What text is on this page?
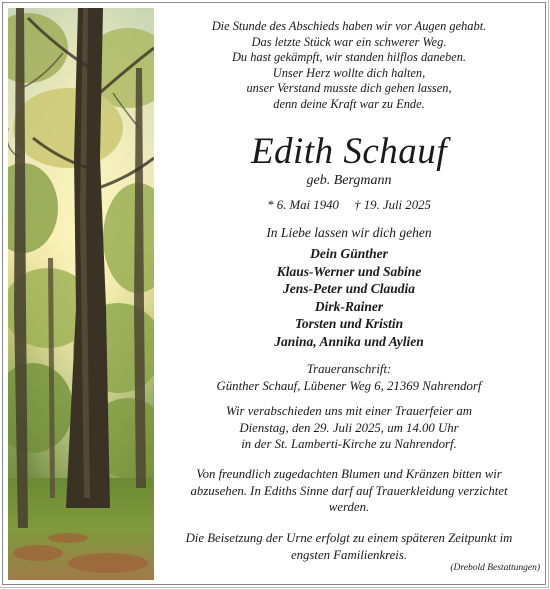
Die Stunde des Abschieds haben wir vor Augen gehabt.
Das letzte Stück war ein schwerer Weg.
Du hast gekämpft, wir standen hilflos daneben.
Unser Herz wollte dich halten,
unser Verstand musste dich gehen lassen,
denn deine Kraft war zu Ende.
Edith Schauf
geb. Bergmann
* 6. Mai 1940 † 19. Juli 2025
In Liebe lassen wir dich gehen
Dein Günther
Klaus-Werner und Sabine
Jens-Peter und Claudia
Dirk-Rainer
Torsten und Kristin
Janina, Annika und Aylien
Traueranschrift:
Günther Schauf, Lübener Weg 6, 21369 Nahrendorf
Wir verabschieden uns mit einer Trauerfeier am
Dienstag, den 29. Juli 2025, um 14.00 Uhr
in der St. Lamberti-Kirche zu Nahrendorf.
Von freundlich zugedachten Blumen und Kränzen bitten wir
abzusehen. In Ediths Sinne darf auf Trauerkleidung verzichtet
werden.
Die Beisetzung der Urne erfolgt zu einem späteren Zeitpunkt im
engsten Familienkreis.
(Drebold Bestattungen)
